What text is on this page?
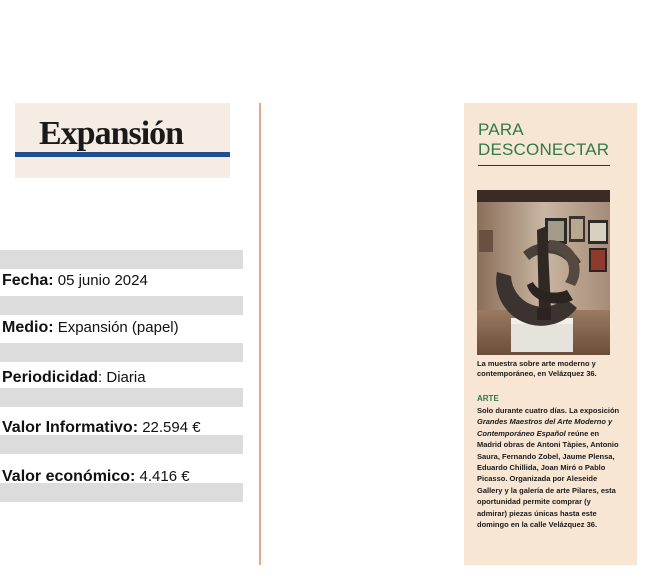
Expansión
Fecha: 05 junio 2024
Medio: Expansión (papel)
Periodicidad: Diaria
Valor Informativo: 22.594 €
Valor económico: 4.416 €
PARA
DESCONECTAR
La muestra sobre arte moderno y contemporáneo, en Velázquez 36.
ARTE
Solo durante cuatro días. La exposición Grandes Maestros del Arte Moderno y Contemporáneo Español reúne en Madrid obras de Antoni Tàpies, Antonio Saura, Fernando Zobel, Jaume Plensa, Eduardo Chillida, Joan Miró o Pablo Picasso. Organizada por Aleseide Gallery y la galería de arte Pilares, esta oportunidad permite comprar (y admirar) piezas únicas hasta este domingo en la calle Velázquez 36.
